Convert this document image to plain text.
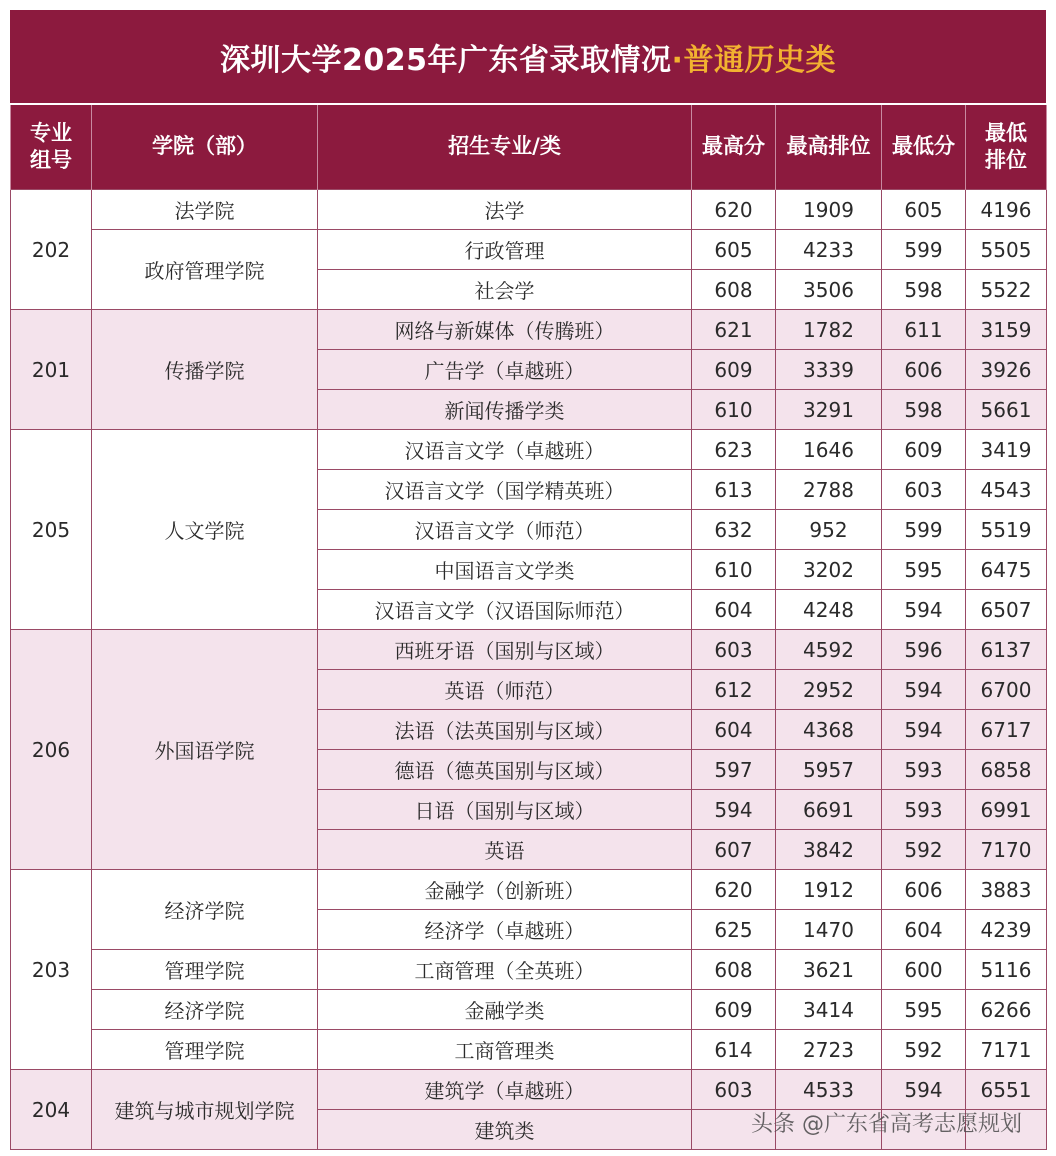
深圳大学2025年广东省录取情况 ·普通历史类
专业组号	学院（部）	招生专业/类	最高分	最高排位	最低分	最低排位
202	法学院	法学	620	1909	605	4196
	政府管理学院	行政管理	605	4233	599	5505
		社会学	608	3506	598	5522
201	传播学院	网络与新媒体（传腾班）	621	1782	611	3159
		广告学（卓越班）	609	3339	606	3926
		新闻传播学类	610	3291	598	5661
205	人文学院	汉语言文学（卓越班）	623	1646	609	3419
		汉语言文学（国学精英班）	613	2788	603	4543
		汉语言文学（师范）	632	952	599	5519
		中国语言文学类	610	3202	595	6475
		汉语言文学（汉语国际师范）	604	4248	594	6507
206	外国语学院	西班牙语（国别与区域）	603	4592	596	6137
		英语（师范）	612	2952	594	6700
		法语（法英国别与区域）	604	4368	594	6717
		德语（德英国别与区域）	597	5957	593	6858
		日语（国别与区域）	594	6691	593	6991
		英语	607	3842	592	7170
203	经济学院	金融学（创新班）	620	1912	606	3883
		经济学（卓越班）	625	1470	604	4239
	管理学院	工商管理（全英班）	608	3621	600	5116
	经济学院	金融学类	609	3414	595	6266
	管理学院	工商管理类	614	2723	592	7171
204	建筑与城市规划学院	建筑学（卓越班）	603	4533	594	6551
		建筑类					头条 @广东省高考志愿规划
